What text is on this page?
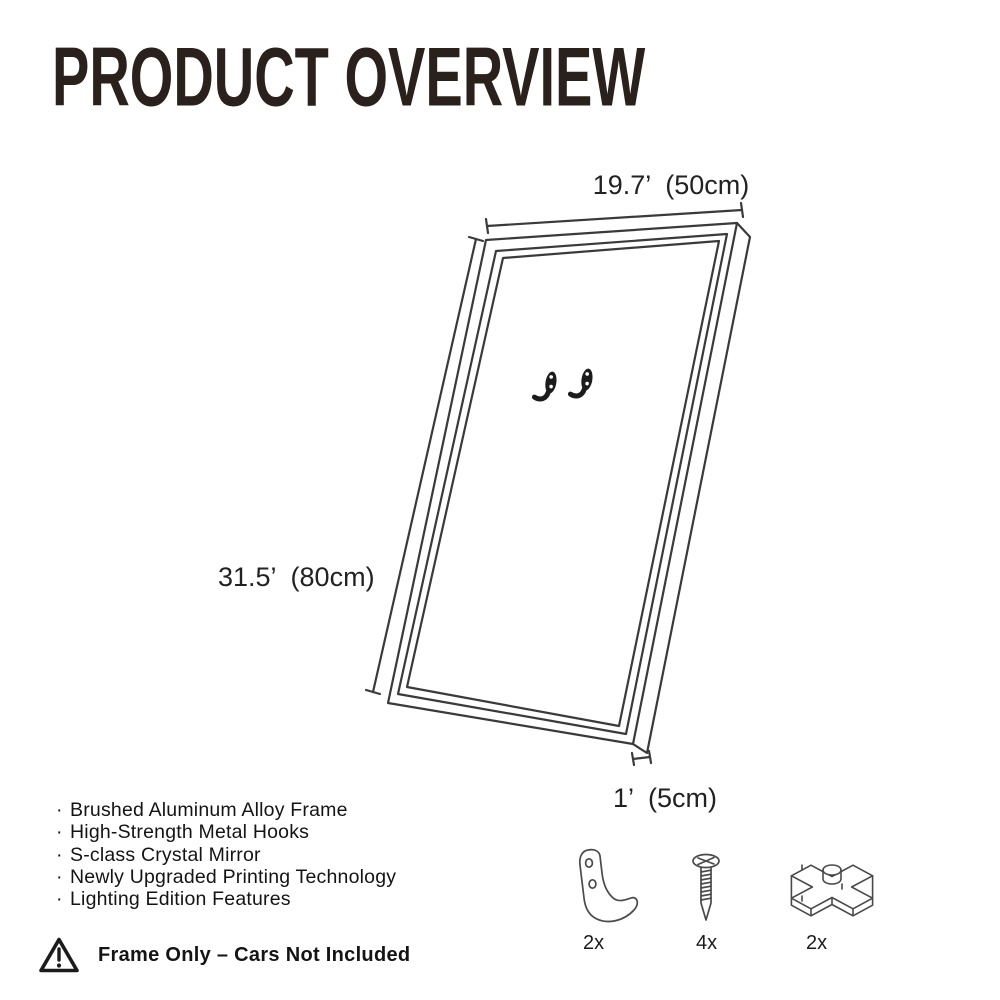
PRODUCT OVERVIEW
19.7’  (50cm)
31.5’  (80cm)
1’  (5cm)
· Brushed Aluminum Alloy Frame
· High-Strength Metal Hooks
· S-class Crystal Mirror
· Newly Upgraded Printing Technology
· Lighting Edition Features
Frame Only – Cars Not Included
2x	4x	2x
